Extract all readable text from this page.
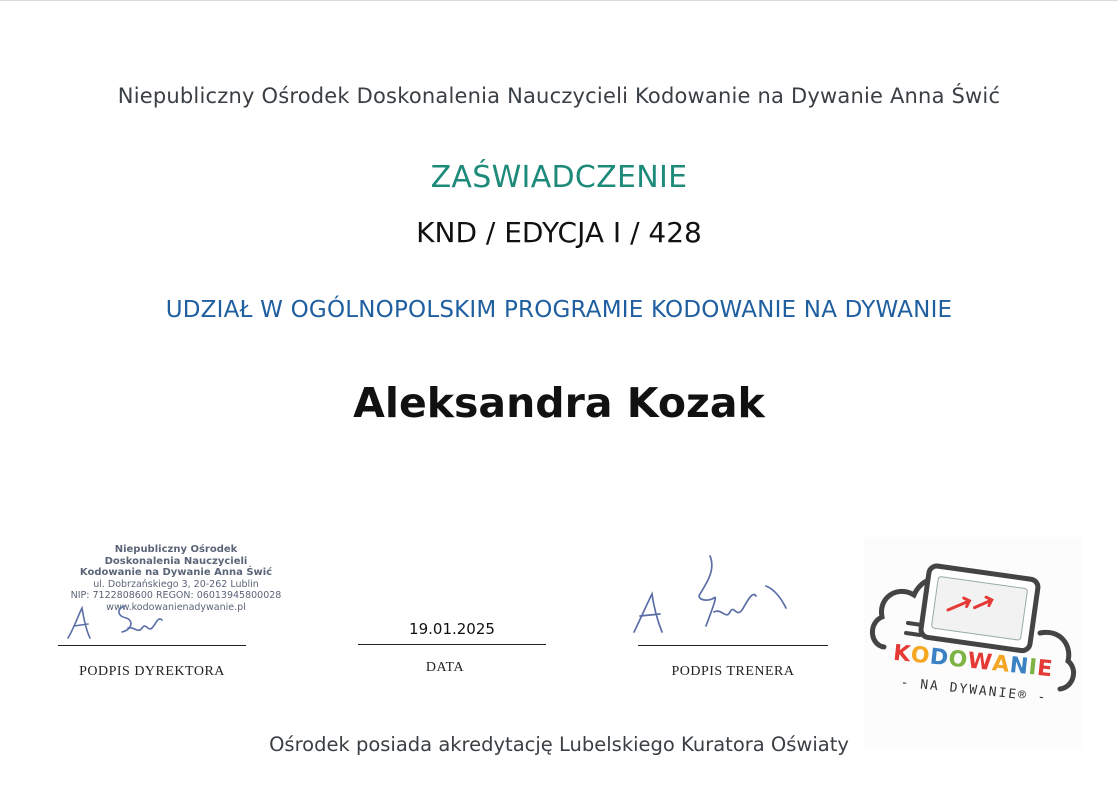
Niepubliczny Ośrodek Doskonalenia Nauczycieli Kodowanie na Dywanie Anna Świć
ZAŚWIADCZENIE
KND / EDYCJA I / 428
UDZIAŁ W OGÓLNOPOLSKIM PROGRAMIE KODOWANIE NA DYWANIE
Aleksandra Kozak
Niepubliczny Ośrodek
Doskonalenia Nauczycieli
Kodowanie na Dywanie Anna Świć
ul. Dobrzańskiego 3, 20-262 Lublin
NIP: 7122808600 REGON: 06013945800028
www.kodowanienadywanie.pl
PODPIS DYREKTORA
19.01.2025
DATA	PODPIS TRENERA
KODOWANIE
- NA DYWANIE® -
Ośrodek posiada akredytację Lubelskiego Kuratora Oświaty
